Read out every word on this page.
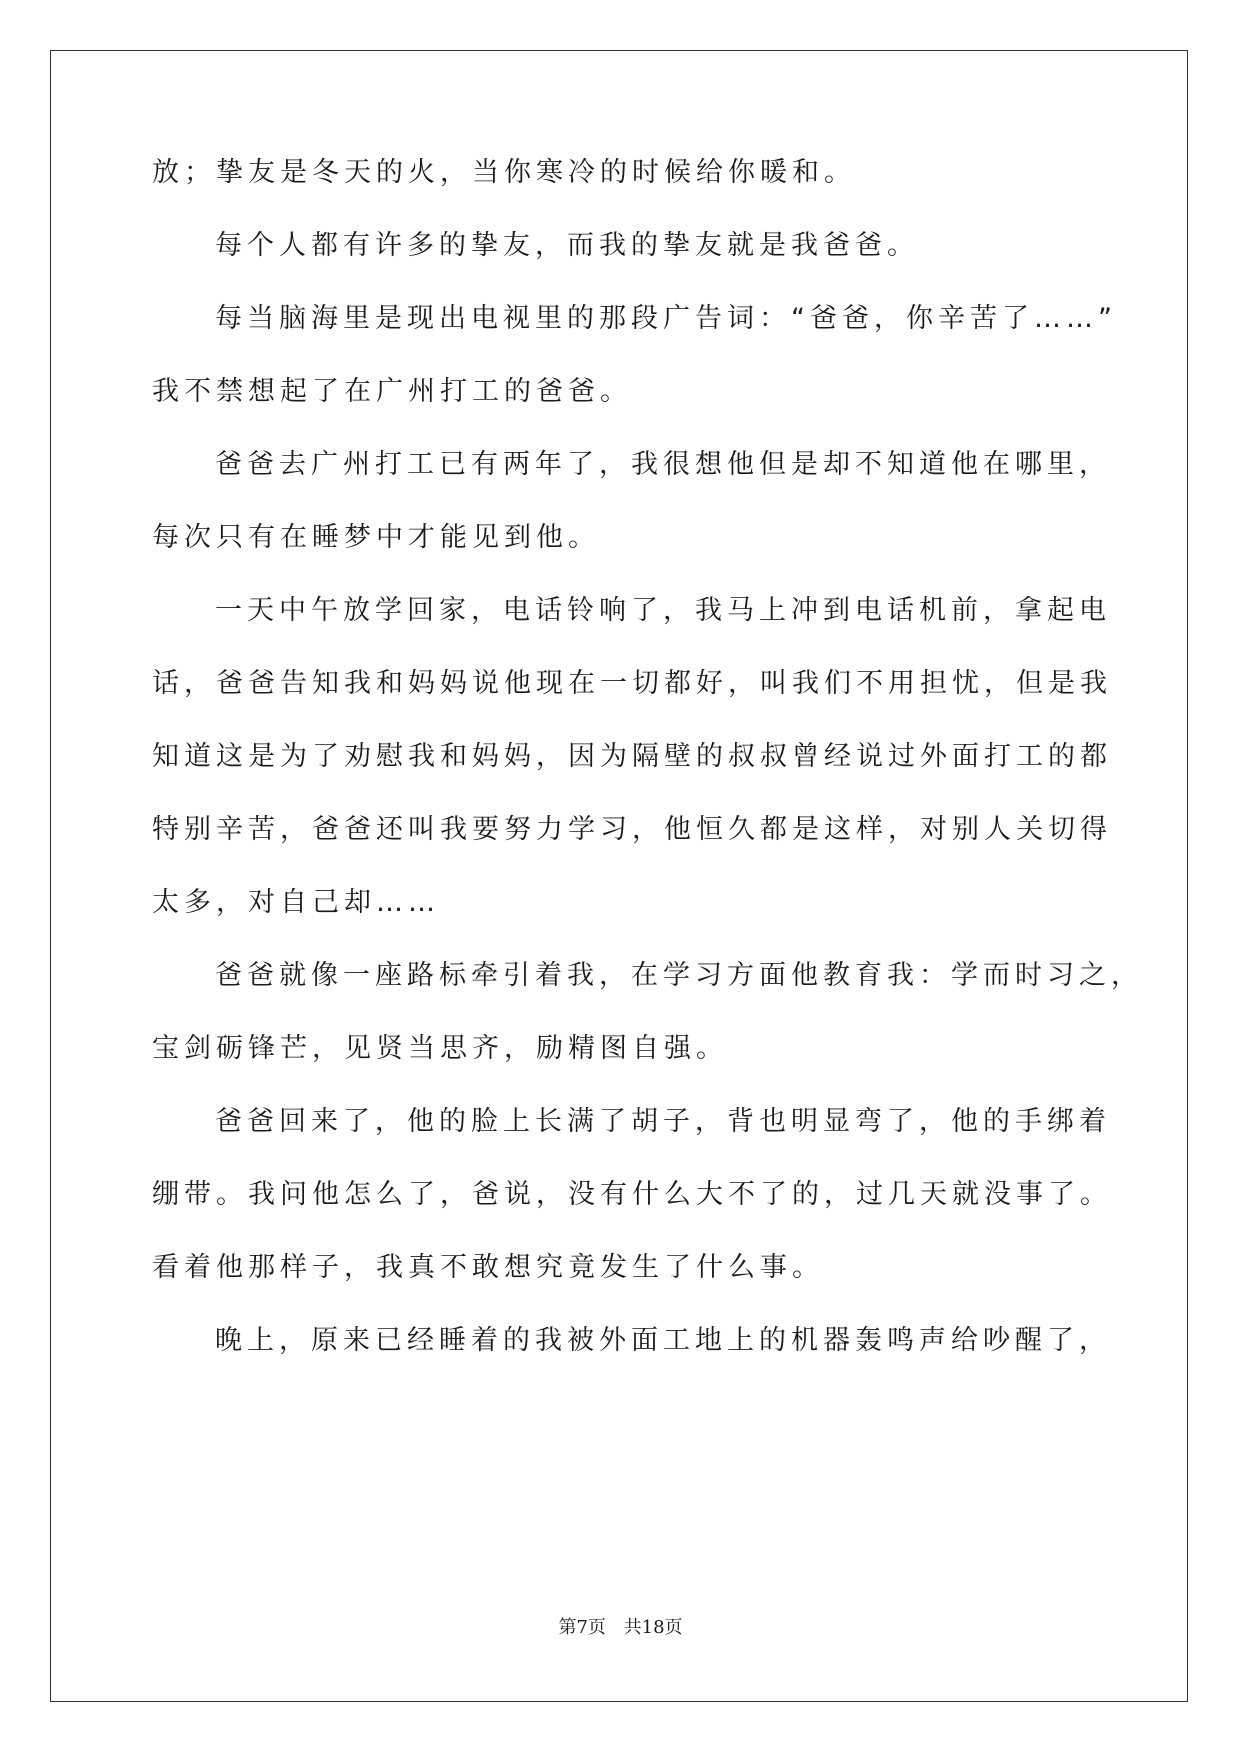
放；挚友是冬天的火，当你寒冷的时候给你暖和。
每个人都有许多的挚友，而我的挚友就是我爸爸。
每当脑海里是现出电视里的那段广告词：“爸爸，你辛苦了……”
我不禁想起了在广州打工的爸爸。
爸爸去广州打工已有两年了，我很想他但是却不知道他在哪里，
每次只有在睡梦中才能见到他。
一天中午放学回家，电话铃响了，我马上冲到电话机前，拿起电
话，爸爸告知我和妈妈说他现在一切都好，叫我们不用担忧，但是我
知道这是为了劝慰我和妈妈，因为隔壁的叔叔曾经说过外面打工的都
特别辛苦，爸爸还叫我要努力学习，他恒久都是这样，对别人关切得
太多，对自己却……
爸爸就像一座路标牵引着我，在学习方面他教育我：学而时习之，
宝剑砺锋芒，见贤当思齐，励精图自强。
爸爸回来了，他的脸上长满了胡子，背也明显弯了，他的手绑着
绷带。我问他怎么了，爸说，没有什么大不了的，过几天就没事了。
看着他那样子，我真不敢想究竟发生了什么事。
晚上，原来已经睡着的我被外面工地上的机器轰鸣声给吵醒了，
第7页 共18页
